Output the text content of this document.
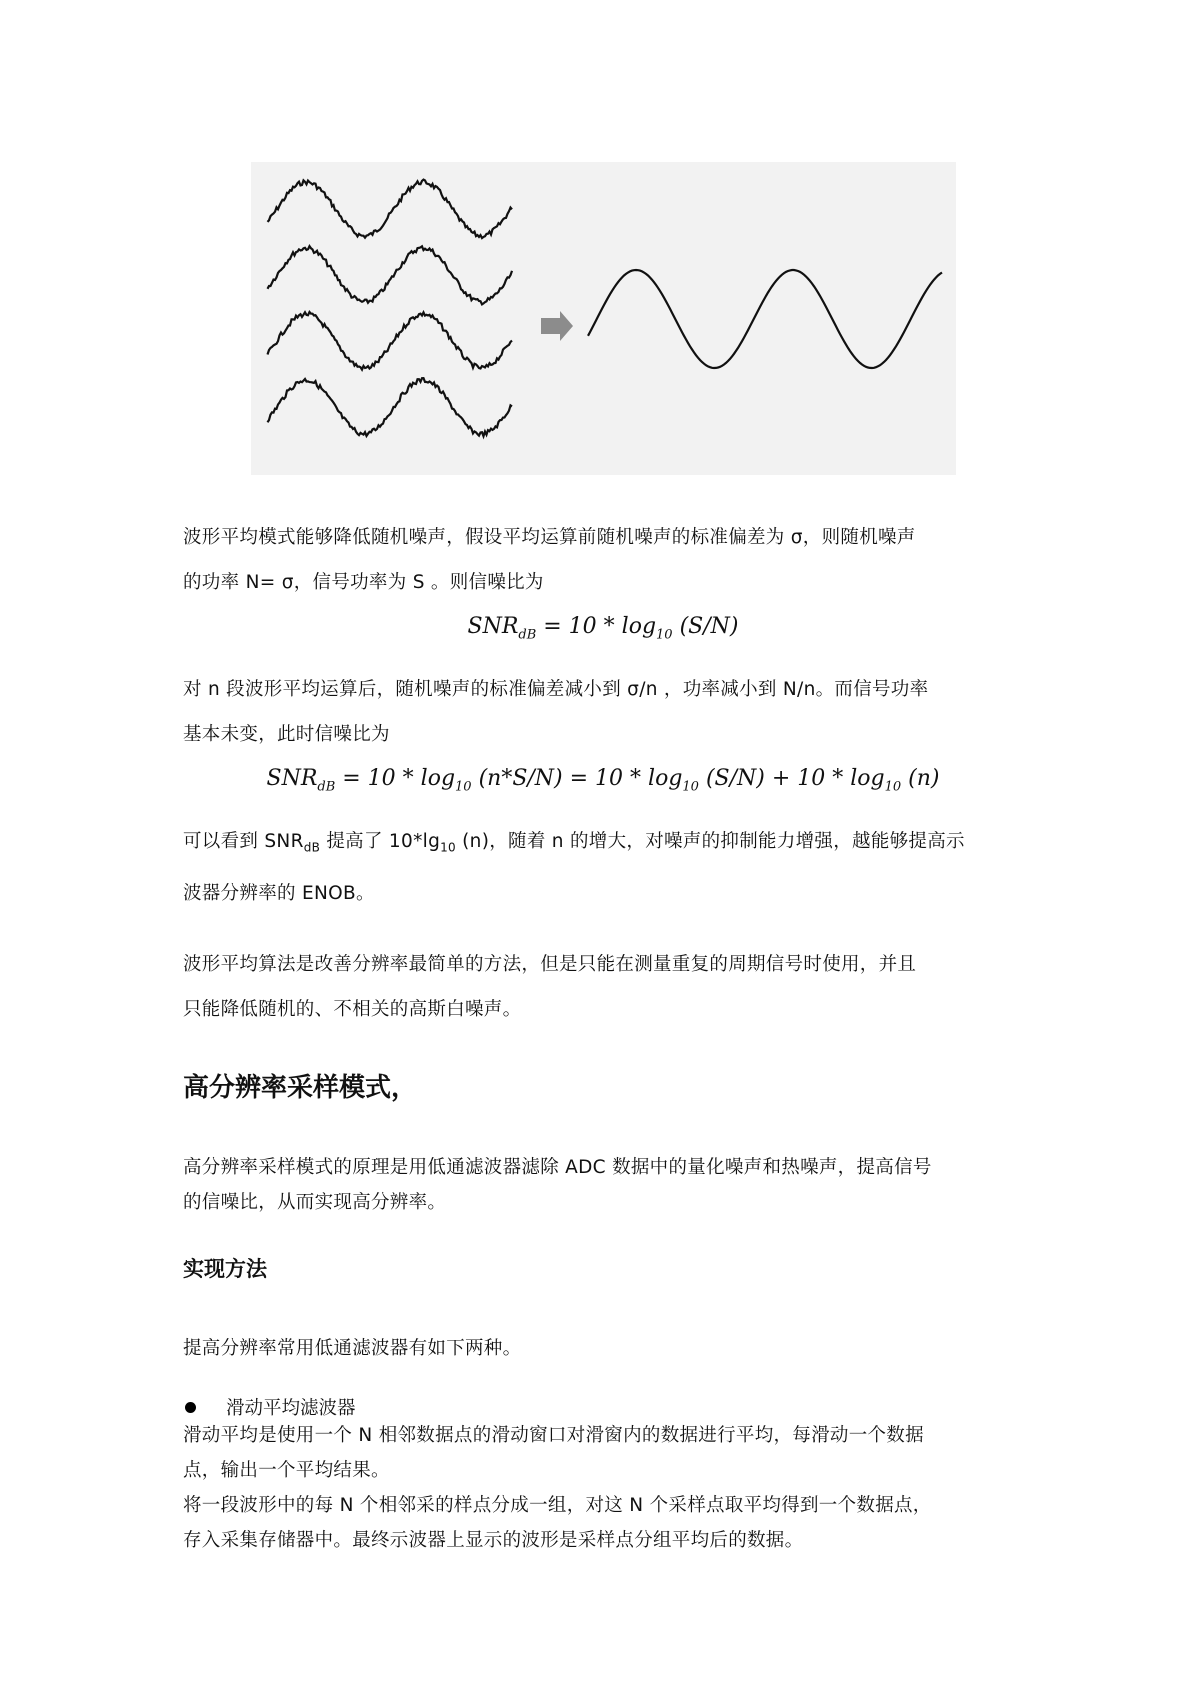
波形平均模式能够降低随机噪声，假设平均运算前随机噪声的标准偏差为 σ，则随机噪声
的功率 N= σ，信号功率为 S 。则信噪比为
$SNR_{dB} = 10 * \log_{10} (S/N)$
对 n 段波形平均运算后，随机噪声的标准偏差减小到 σ/n ，功率减小到 N/n。而信号功率
基本未变，此时信噪比为
$SNR_{dB} = 10 * \log_{10} (n*S/N) = 10 * \log_{10} (S/N) + 10 * \log_{10} (n)$
可以看到 $SNR_{dB}$ 提高了 $10*\lg_{10}$ (n)，随着 n 的增大，对噪声的抑制能力增强，越能够提高示
波器分辨率的 ENOB。
波形平均算法是改善分辨率最简单的方法，但是只能在测量重复的周期信号时使用，并且
只能降低随机的、不相关的高斯白噪声。
高分辨率采样模式，
高分辨率采样模式的原理是用低通滤波器滤除 ADC 数据中的量化噪声和热噪声，提高信号
的信噪比，从而实现高分辨率。
实现方法
提高分辨率常用低通滤波器有如下两种。
滑动平均滤波器
滑动平均是使用一个 N 相邻数据点的滑动窗口对滑窗内的数据进行平均，每滑动一个数据
点，输出一个平均结果。
将一段波形中的每 N 个相邻采的样点分成一组，对这 N 个采样点取平均得到一个数据点，
存入采集存储器中。最终示波器上显示的波形是采样点分组平均后的数据。
